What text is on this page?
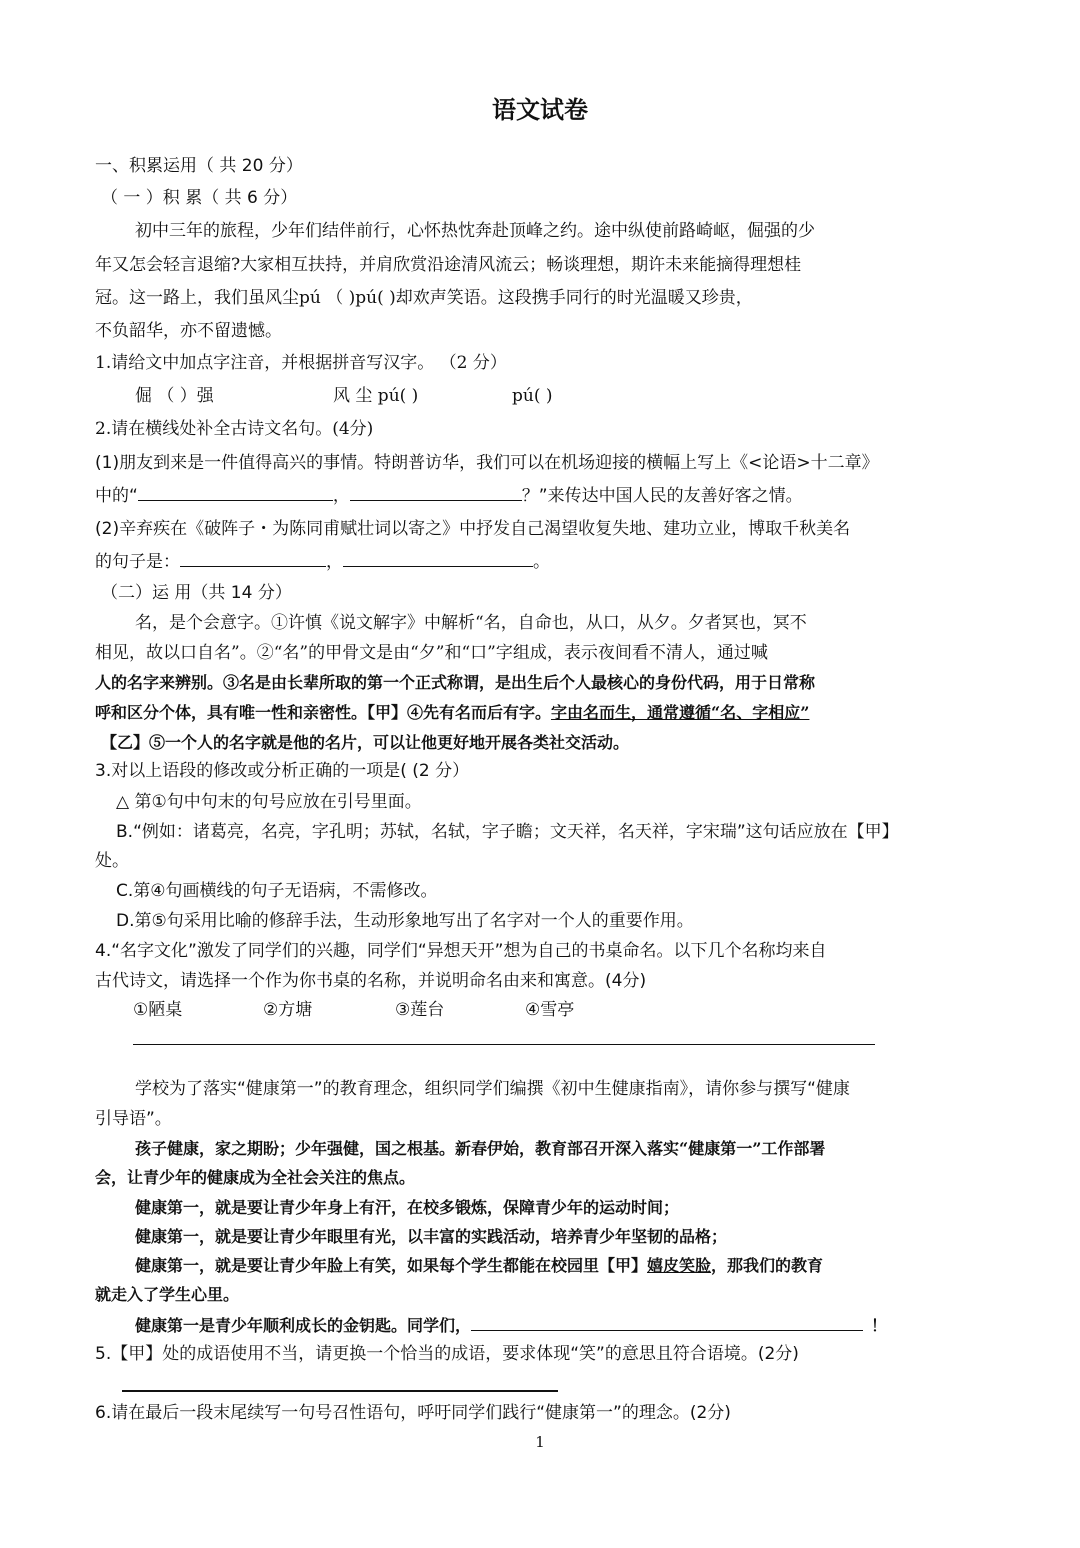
语文试卷
一、积累运用（ 共 20 分）
（ 一 ）积 累（ 共 6 分）
初中三年的旅程，少年们结伴前行，心怀热忱奔赴顶峰之约。途中纵使前路崎岖，倔强的少
年又怎会轻言退缩?大家相互扶持，并肩欣赏沿途清风流云；畅谈理想，期许未来能摘得理想桂
冠。这一路上，我们虽风尘pú （ )pú( )却欢声笑语。这段携手同行的时光温暖又珍贵，
不负韶华，亦不留遗憾。
1.请给文中加点字注音，并根据拼音写汉字。 （2 分）
倔 （ ）强	风 尘 pú( )	pú( )
2.请在横线处补全古诗文名句。(4分)
(1)朋友到来是一件值得高兴的事情。特朗普访华，我们可以在机场迎接的横幅上写上《<论语>十二章》
中的“	，	？”来传达中国人民的友善好客之情。
(2)辛弃疾在《破阵子・为陈同甫赋壮词以寄之》中抒发自己渴望收复失地、建功立业，博取千秋美名
的句子是：	，	。
（二）运 用（共 14 分）
名，是个会意字。①许慎《说文解字》中解析“名，自命也，从口，从夕。夕者冥也，冥不
相见，故以口自名”。②“名”的甲骨文是由“夕”和“口”字组成，表示夜间看不清人，通过喊
人的名字来辨别。③名是由长辈所取的第一个正式称谓，是出生后个人最核心的身份代码，用于日常称
呼和区分个体，具有唯一性和亲密性。【甲】④先有名而后有字。字由名而生，通常遵循“名、字相应”
【乙】⑤一个人的名字就是他的名片，可以让他更好地开展各类社交活动。
3.对以上语段的修改或分析正确的一项是( (2 分）
△ 第①句中句末的句号应放在引号里面。
B.“例如：诸葛亮，名亮，字孔明；苏轼，名轼，字子瞻；文天祥，名天祥，字宋瑞”这句话应放在【甲】
处。
C.第④句画横线的句子无语病，不需修改。
D.第⑤句采用比喻的修辞手法，生动形象地写出了名字对一个人的重要作用。
4.“名字文化”激发了同学们的兴趣，同学们“异想天开”想为自己的书桌命名。以下几个名称均来自
古代诗文，请选择一个作为你书桌的名称，并说明命名由来和寓意。(4分)
①陋桌	②方塘	③莲台	④雪亭
学校为了落实“健康第一”的教育理念，组织同学们编撰《初中生健康指南》，请你参与撰写“健康
引导语”。
孩子健康，家之期盼；少年强健，国之根基。新春伊始，教育部召开深入落实“健康第一”工作部署
会，让青少年的健康成为全社会关注的焦点。
健康第一，就是要让青少年身上有汗，在校多锻炼，保障青少年的运动时间；
健康第一，就是要让青少年眼里有光，以丰富的实践活动，培养青少年坚韧的品格；
健康第一，就是要让青少年脸上有笑，如果每个学生都能在校园里【甲】嬉皮笑脸，那我们的教育
就走入了学生心里。
健康第一是青少年顺利成长的金钥匙。同学们，	！
5.【甲】处的成语使用不当，请更换一个恰当的成语，要求体现“笑”的意思且符合语境。(2分)
6.请在最后一段末尾续写一句号召性语句，呼吁同学们践行“健康第一”的理念。(2分)
1
